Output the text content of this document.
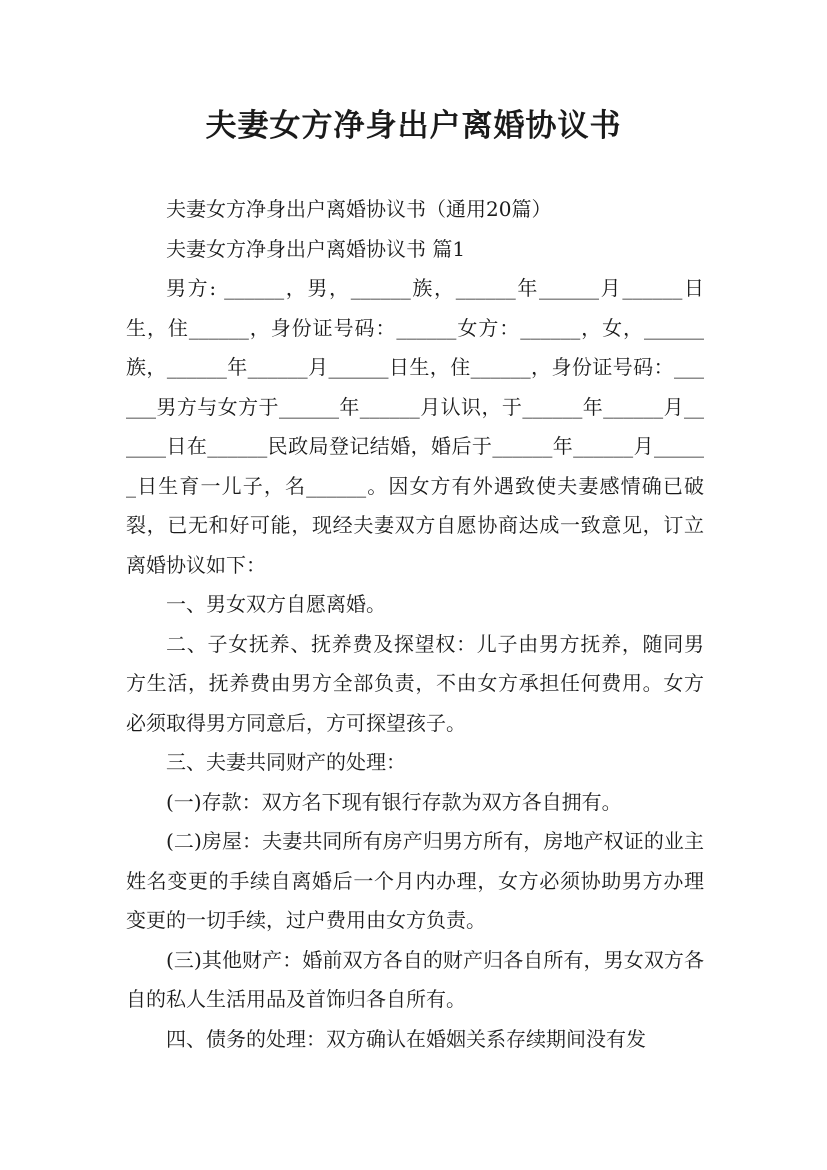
夫妻女方净身出户离婚协议书

夫妻女方净身出户离婚协议书（通用20篇）

夫妻女方净身出户离婚协议书 篇1

男方: ______，男，______族，______年______月______日生，住______，身份证号码：______女方：______，女，______族，______年______月______日生，住______，身份证号码：______男方与女方于______年______月认识，于______年______月______日在______民政局登记结婚，婚后于______年______月______日生育一儿子，名______。因女方有外遇致使夫妻感情确已破裂，已无和好可能，现经夫妻双方自愿协商达成一致意见，订立离婚协议如下：

一、男女双方自愿离婚。

二、子女抚养、抚养费及探望权：儿子由男方抚养，随同男方生活，抚养费由男方全部负责，不由女方承担任何费用。女方必须取得男方同意后，方可探望孩子。

三、夫妻共同财产的处理：

(一)存款：双方名下现有银行存款为双方各自拥有。

(二)房屋：夫妻共同所有房产归男方所有，房地产权证的业主姓名变更的手续自离婚后一个月内办理，女方必须协助男方办理变更的一切手续，过户费用由女方负责。

(三)其他财产：婚前双方各自的财产归各自所有，男女双方各自的私人生活用品及首饰归各自所有。

四、债务的处理：双方确认在婚姻关系存续期间没有发
